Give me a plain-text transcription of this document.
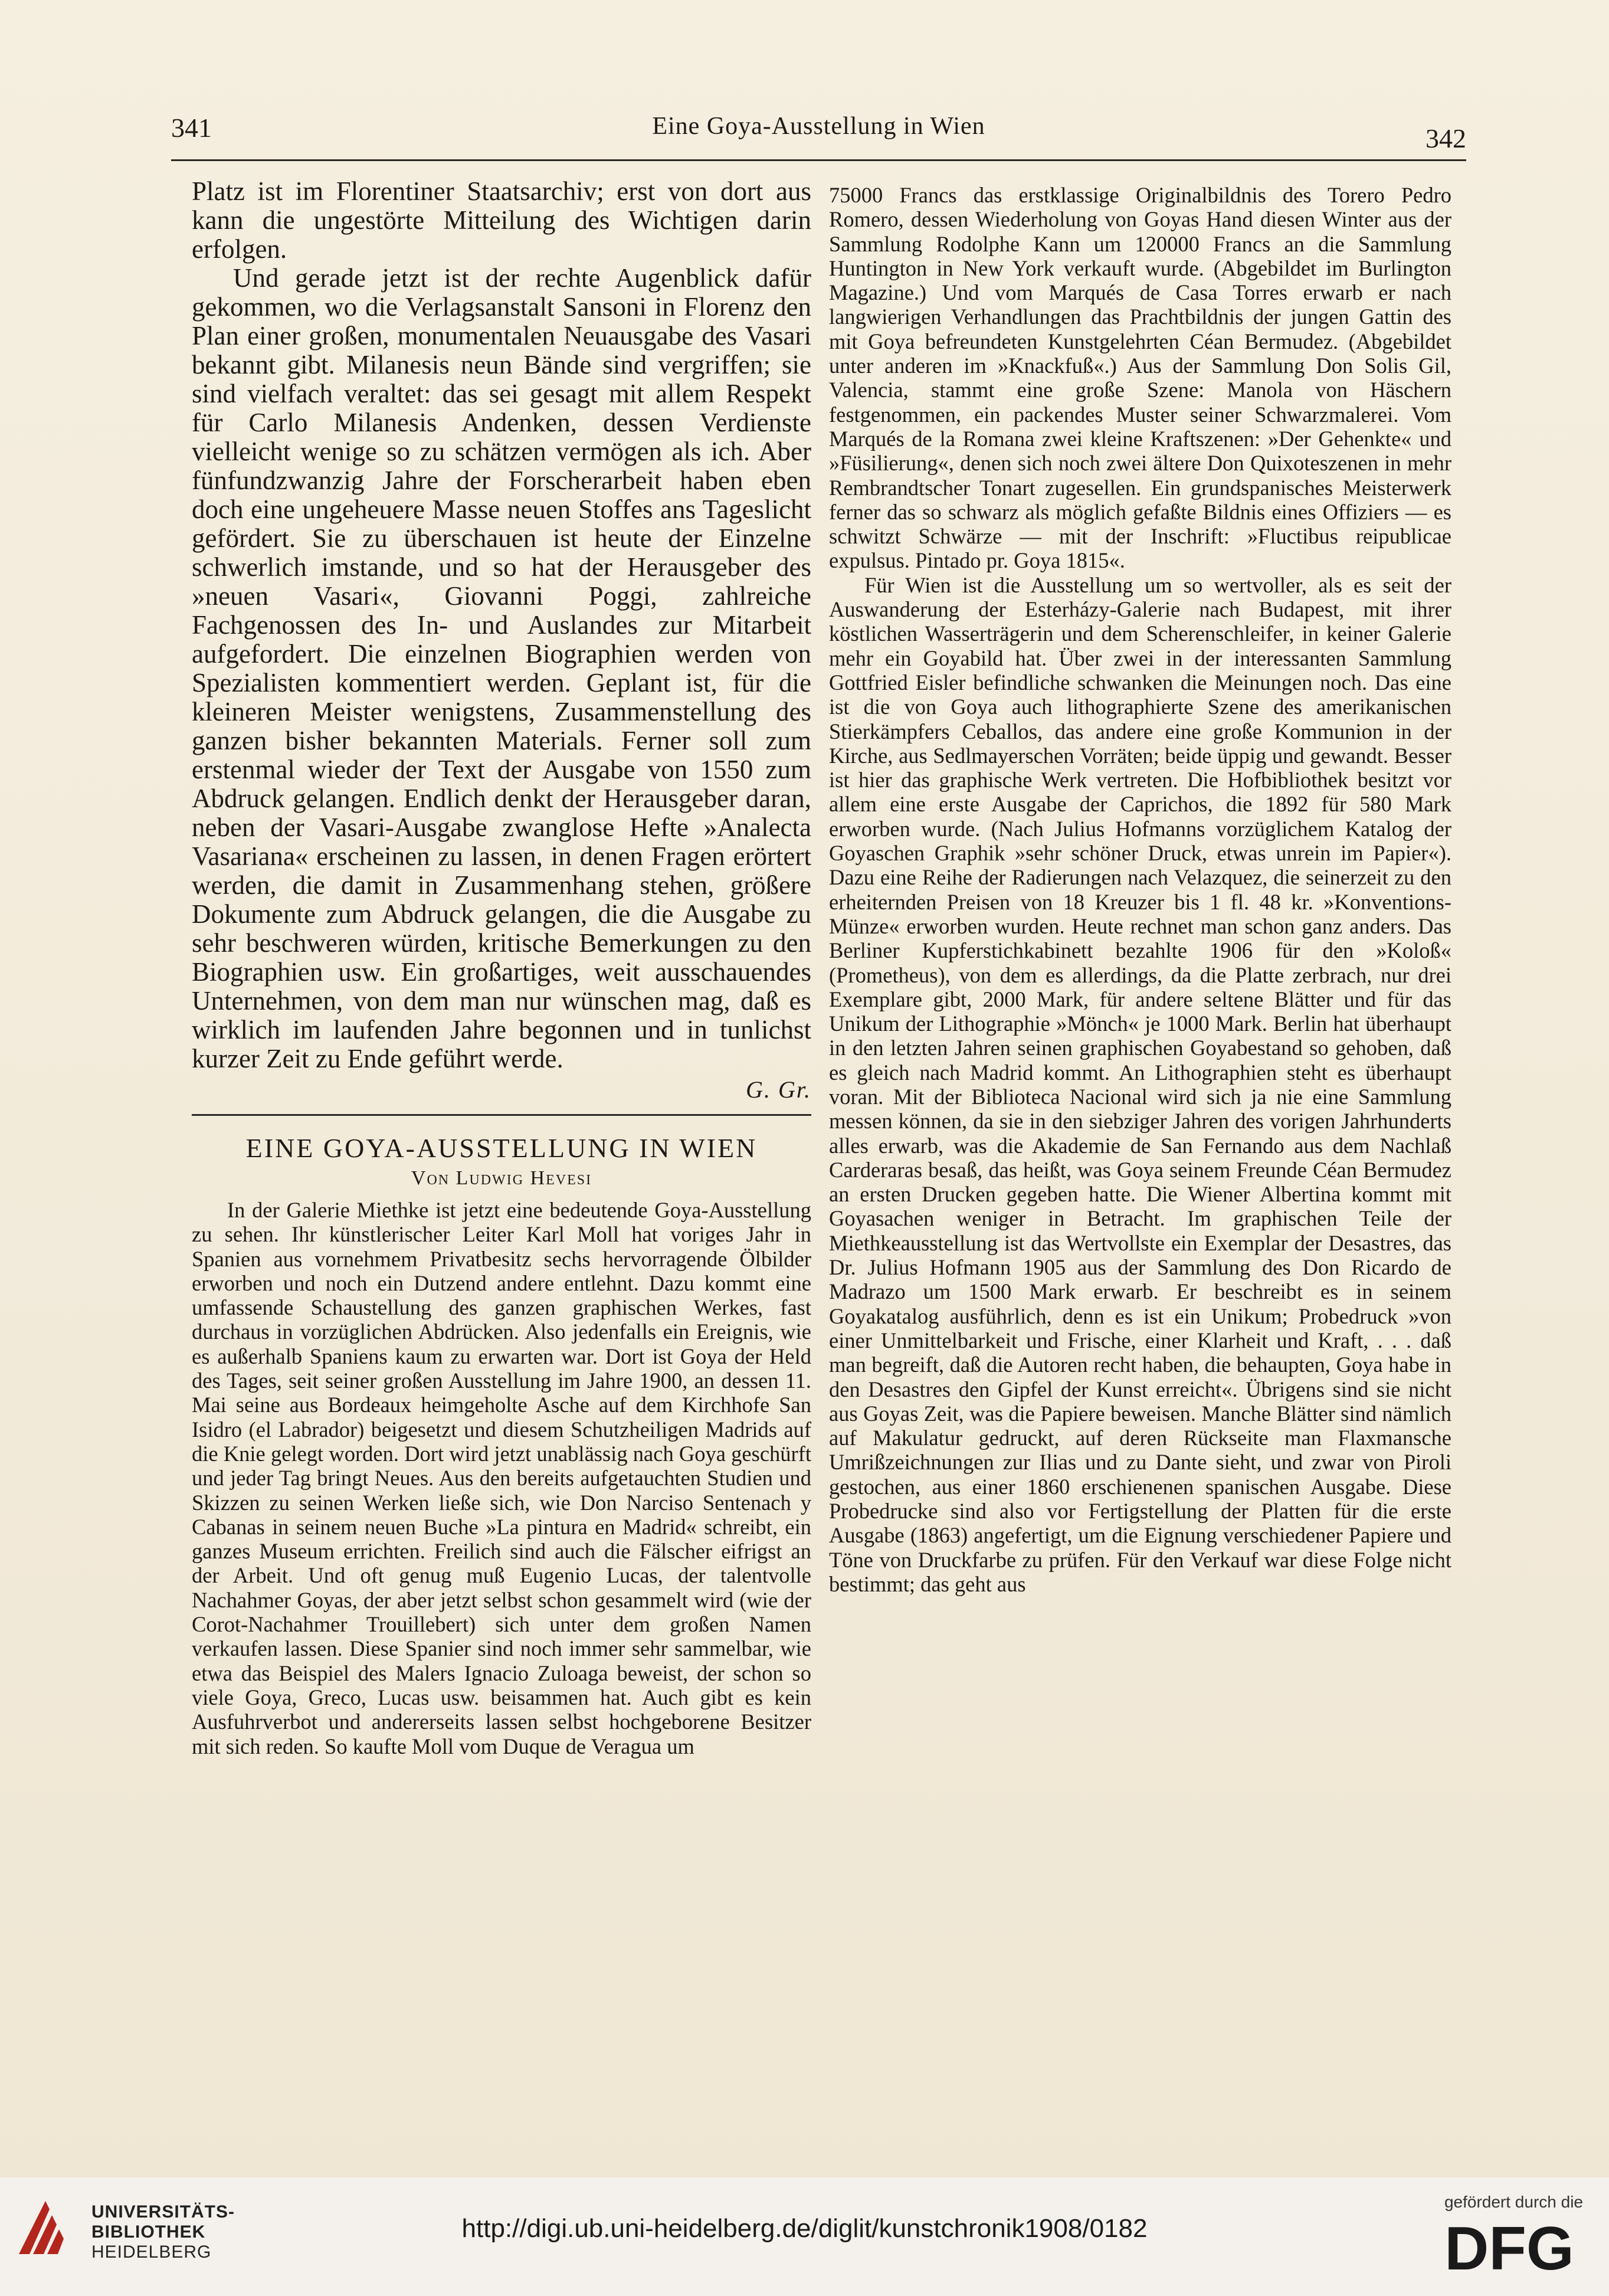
341	Eine Goya-Ausstellung in Wien	342

Platz ist im Florentiner Staatsarchiv; erst von dort aus kann die ungestörte Mitteilung des Wichtigen darin erfolgen.

Und gerade jetzt ist der rechte Augenblick dafür gekommen, wo die Verlagsanstalt Sansoni in Florenz den Plan einer großen, monumentalen Neuausgabe des Vasari bekannt gibt. Milanesis neun Bände sind vergriffen; sie sind vielfach veraltet: das sei gesagt mit allem Respekt für Carlo Milanesis Andenken, dessen Verdienste vielleicht wenige so zu schätzen vermögen als ich. Aber fünfundzwanzig Jahre der Forscherarbeit haben eben doch eine ungeheuere Masse neuen Stoffes ans Tageslicht gefördert. Sie zu überschauen ist heute der Einzelne schwerlich imstande, und so hat der Herausgeber des »neuen Vasari«, Giovanni Poggi, zahlreiche Fachgenossen des In- und Auslandes zur Mitarbeit aufgefordert. Die einzelnen Biographien werden von Spezialisten kommentiert werden. Geplant ist, für die kleineren Meister wenigstens, Zusammenstellung des ganzen bisher bekannten Materials. Ferner soll zum erstenmal wieder der Text der Ausgabe von 1550 zum Abdruck gelangen. Endlich denkt der Herausgeber daran, neben der Vasari-Ausgabe zwanglose Hefte »Analecta Vasariana« erscheinen zu lassen, in denen Fragen erörtert werden, die damit in Zusammenhang stehen, größere Dokumente zum Abdruck gelangen, die die Ausgabe zu sehr beschweren würden, kritische Bemerkungen zu den Biographien usw. Ein großartiges, weit ausschauendes Unternehmen, von dem man nur wünschen mag, daß es wirklich im laufenden Jahre begonnen und in tunlichst kurzer Zeit zu Ende geführt werde.

G. Gr.
EINE GOYA-AUSSTELLUNG IN WIEN
Von Ludwig Hevesi

In der Galerie Miethke ist jetzt eine bedeutende Goya-Ausstellung zu sehen. Ihr künstlerischer Leiter Karl Moll hat voriges Jahr in Spanien aus vornehmem Privatbesitz sechs hervorragende Ölbilder erworben und noch ein Dutzend andere entlehnt. Dazu kommt eine umfassende Schaustellung des ganzen graphischen Werkes, fast durchaus in vorzüglichen Abdrücken. Also jedenfalls ein Ereignis, wie es außerhalb Spaniens kaum zu erwarten war. Dort ist Goya der Held des Tages, seit seiner großen Ausstellung im Jahre 1900, an dessen 11. Mai seine aus Bordeaux heimgeholte Asche auf dem Kirchhofe San Isidro (el Labrador) beigesetzt und diesem Schutzheiligen Madrids auf die Knie gelegt worden. Dort wird jetzt unablässig nach Goya geschürft und jeder Tag bringt Neues. Aus den bereits aufgetauchten Studien und Skizzen zu seinen Werken ließe sich, wie Don Narciso Sentenach y Cabanas in seinem neuen Buche »La pintura en Madrid« schreibt, ein ganzes Museum errichten. Freilich sind auch die Fälscher eifrigst an der Arbeit. Und oft genug muß Eugenio Lucas, der talentvolle Nachahmer Goyas, der aber jetzt selbst schon gesammelt wird (wie der Corot-Nachahmer Trouillebert) sich unter dem großen Namen verkaufen lassen. Diese Spanier sind noch immer sehr sammelbar, wie etwa das Beispiel des Malers Ignacio Zuloaga beweist, der schon so viele Goya, Greco, Lucas usw. beisammen hat. Auch gibt es kein Ausfuhrverbot und andererseits lassen selbst hochgeborene Besitzer mit sich reden. So kaufte Moll vom Duque de Veragua um

75000 Francs das erstklassige Originalbildnis des Torero Pedro Romero, dessen Wiederholung von Goyas Hand diesen Winter aus der Sammlung Rodolphe Kann um 120000 Francs an die Sammlung Huntington in New York verkauft wurde. (Abgebildet im Burlington Magazine.) Und vom Marqués de Casa Torres erwarb er nach langwierigen Verhandlungen das Prachtbildnis der jungen Gattin des mit Goya befreundeten Kunstgelehrten Céan Bermudez. (Abgebildet unter anderen im »Knackfuß«.) Aus der Sammlung Don Solis Gil, Valencia, stammt eine große Szene: Manola von Häschern festgenommen, ein packendes Muster seiner Schwarzmalerei. Vom Marqués de la Romana zwei kleine Kraftszenen: »Der Gehenkte« und »Füsilierung«, denen sich noch zwei ältere Don Quixoteszenen in mehr Rembrandtscher Tonart zugesellen. Ein grundspanisches Meisterwerk ferner das so schwarz als möglich gefaßte Bildnis eines Offiziers — es schwitzt Schwärze — mit der Inschrift: »Fluctibus reipublicae expulsus. Pintado pr. Goya 1815«.

Für Wien ist die Ausstellung um so wertvoller, als es seit der Auswanderung der Esterházy-Galerie nach Budapest, mit ihrer köstlichen Wasserträgerin und dem Scherenschleifer, in keiner Galerie mehr ein Goyabild hat. Über zwei in der interessanten Sammlung Gottfried Eisler befindliche schwanken die Meinungen noch. Das eine ist die von Goya auch lithographierte Szene des amerikanischen Stierkämpfers Ceballos, das andere eine große Kommunion in der Kirche, aus Sedlmayerschen Vorräten; beide üppig und gewandt. Besser ist hier das graphische Werk vertreten. Die Hofbibliothek besitzt vor allem eine erste Ausgabe der Caprichos, die 1892 für 580 Mark erworben wurde. (Nach Julius Hofmanns vorzüglichem Katalog der Goyaschen Graphik »sehr schöner Druck, etwas unrein im Papier«). Dazu eine Reihe der Radierungen nach Velazquez, die seinerzeit zu den erheiternden Preisen von 18 Kreuzer bis 1 fl. 48 kr. »Konventions-Münze« erworben wurden. Heute rechnet man schon ganz anders. Das Berliner Kupferstichkabinett bezahlte 1906 für den »Koloß« (Prometheus), von dem es allerdings, da die Platte zerbrach, nur drei Exemplare gibt, 2000 Mark, für andere seltene Blätter und für das Unikum der Lithographie »Mönch« je 1000 Mark. Berlin hat überhaupt in den letzten Jahren seinen graphischen Goyabestand so gehoben, daß es gleich nach Madrid kommt. An Lithographien steht es überhaupt voran. Mit der Biblioteca Nacional wird sich ja nie eine Sammlung messen können, da sie in den siebziger Jahren des vorigen Jahrhunderts alles erwarb, was die Akademie de San Fernando aus dem Nachlaß Carderaras besaß, das heißt, was Goya seinem Freunde Céan Bermudez an ersten Drucken gegeben hatte. Die Wiener Albertina kommt mit Goyasachen weniger in Betracht. Im graphischen Teile der Miethkeausstellung ist das Wertvollste ein Exemplar der Desastres, das Dr. Julius Hofmann 1905 aus der Sammlung des Don Ricardo de Madrazo um 1500 Mark erwarb. Er beschreibt es in seinem Goyakatalog ausführlich, denn es ist ein Unikum; Probedruck »von einer Unmittelbarkeit und Frische, einer Klarheit und Kraft, . . . daß man begreift, daß die Autoren recht haben, die behaupten, Goya habe in den Desastres den Gipfel der Kunst erreicht«. Übrigens sind sie nicht aus Goyas Zeit, was die Papiere beweisen. Manche Blätter sind nämlich auf Makulatur gedruckt, auf deren Rückseite man Flaxmansche Umrißzeichnungen zur Ilias und zu Dante sieht, und zwar von Piroli gestochen, aus einer 1860 erschienenen spanischen Ausgabe. Diese Probedrucke sind also vor Fertigstellung der Platten für die erste Ausgabe (1863) angefertigt, um die Eignung verschiedener Papiere und Töne von Druckfarbe zu prüfen. Für den Verkauf war diese Folge nicht bestimmt; das geht aus

UNIVERSITÄTS-
BIBLIOTHEK
HEIDELBERG
http://digi.ub.uni-heidelberg.de/diglit/kunstchronik1908/0182
gefördert durch die
DFG
